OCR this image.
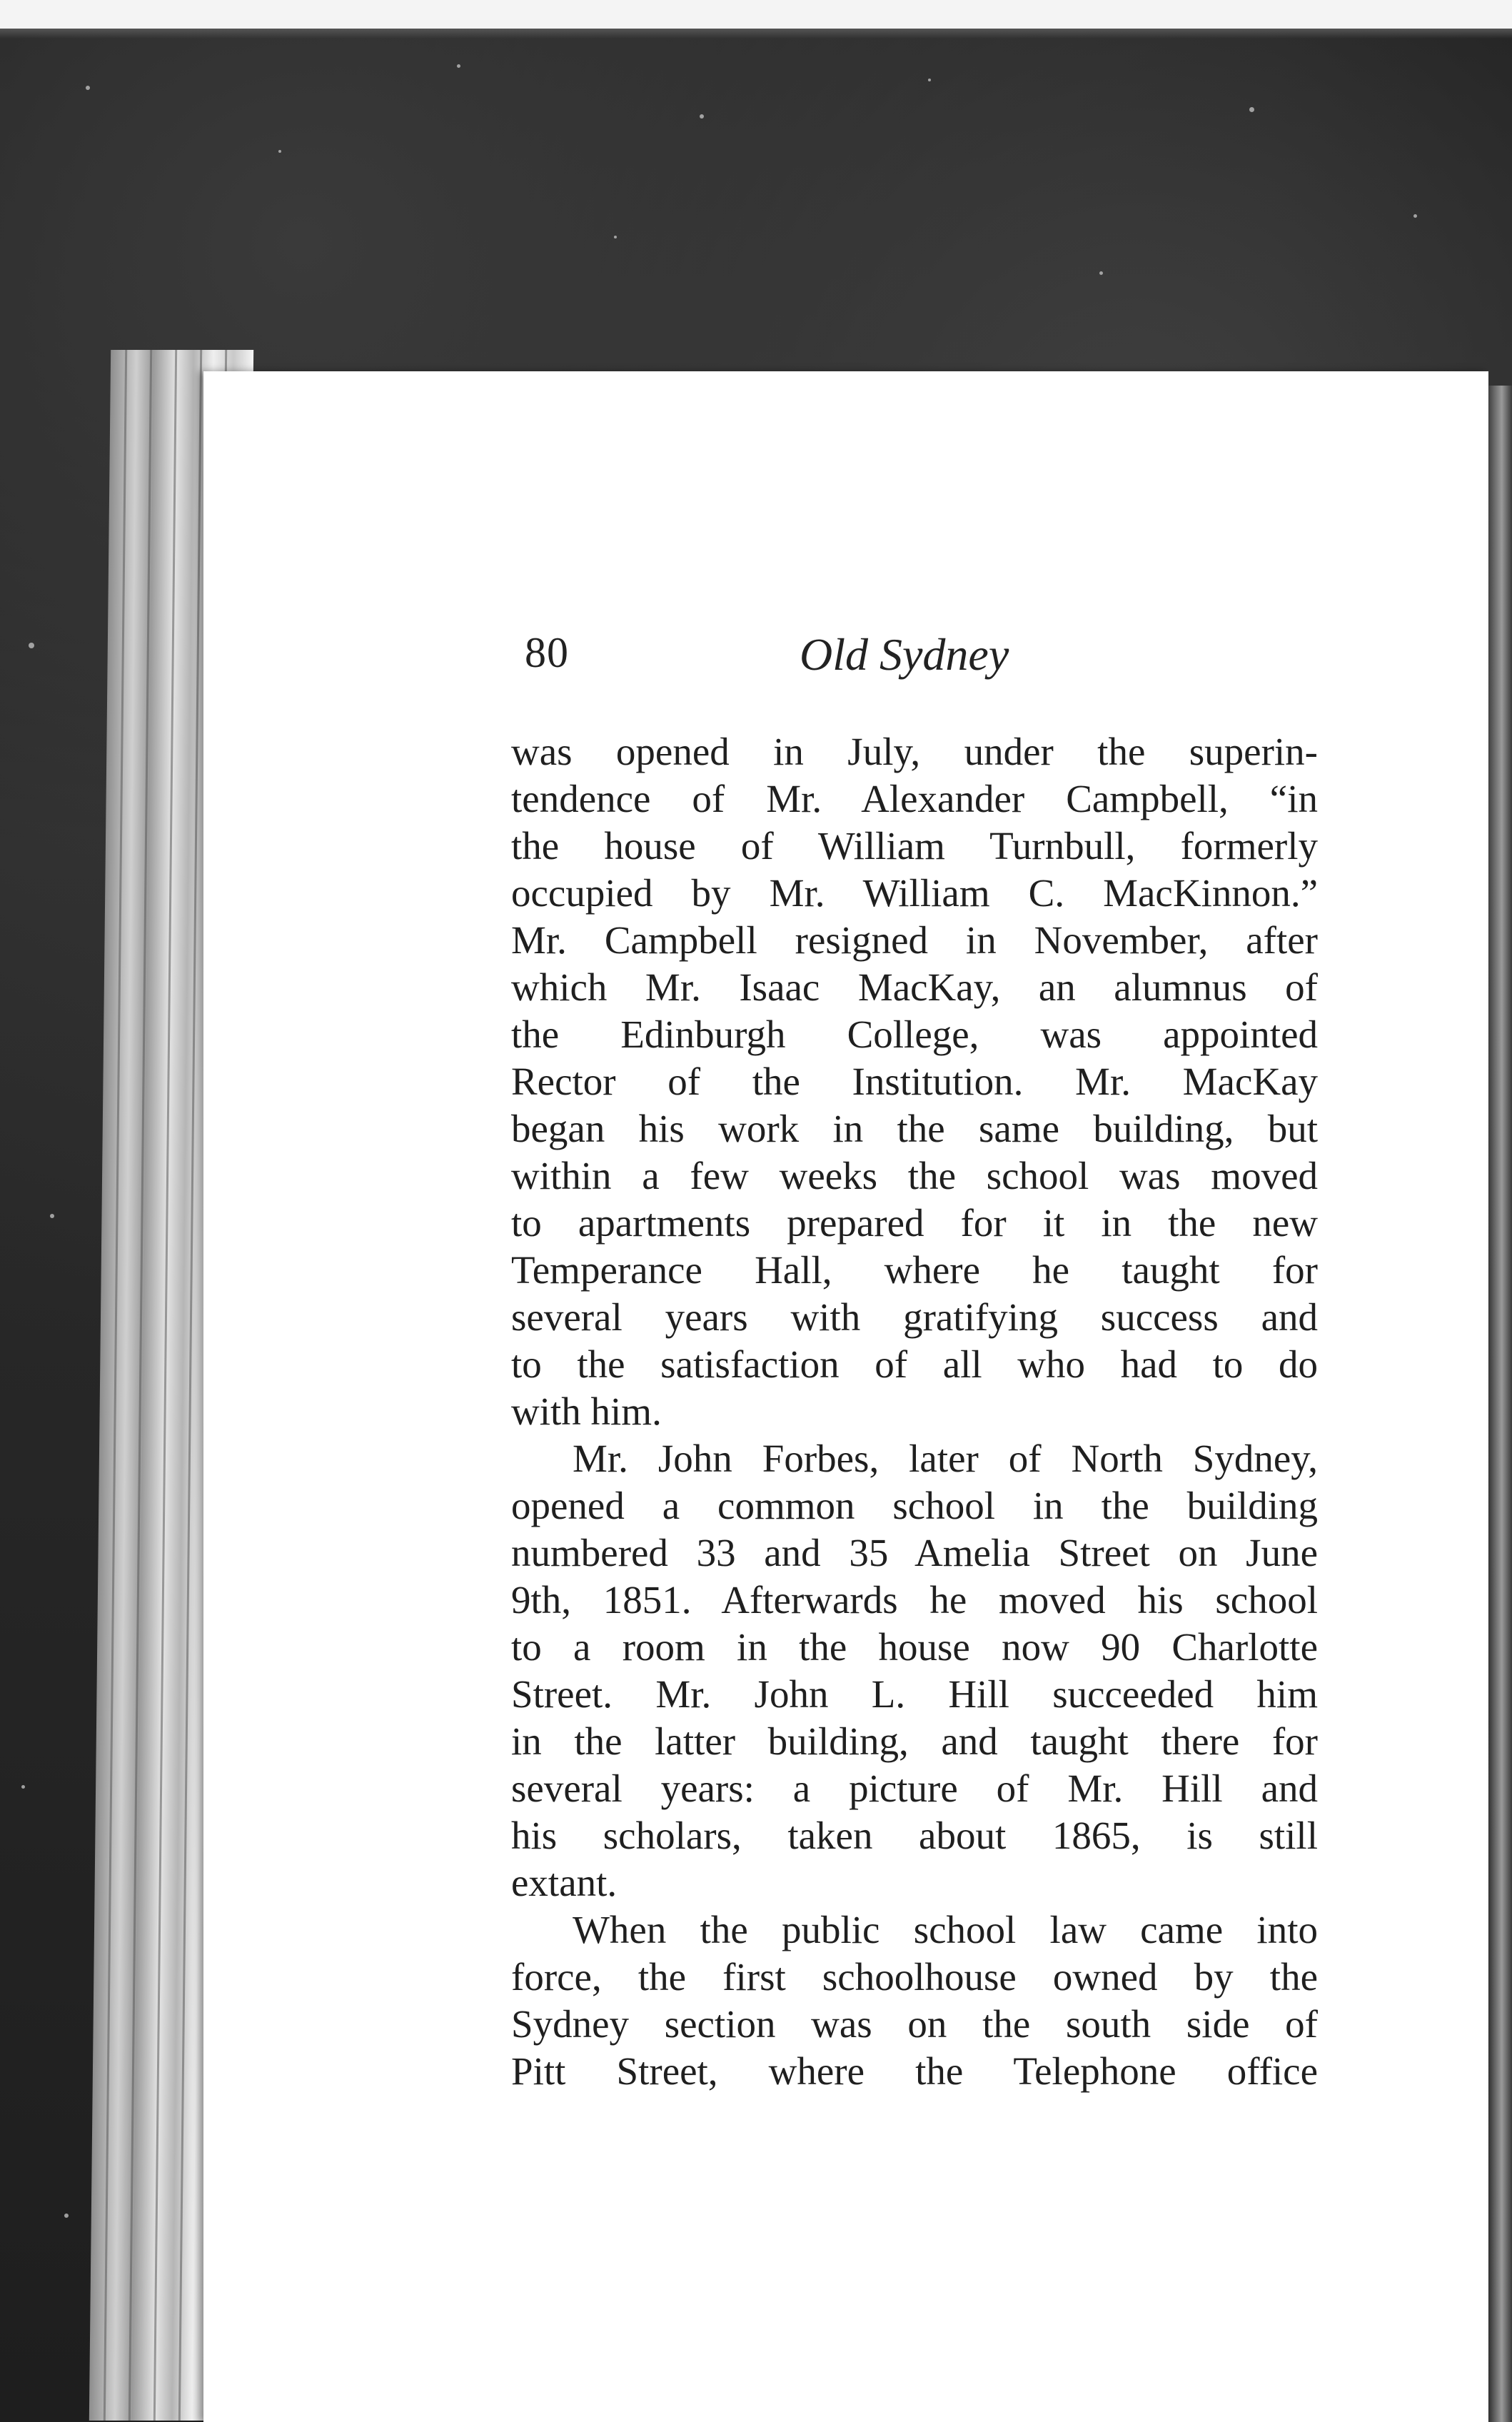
80	Old Sydney
was opened in July, under the superin-
tendence of Mr. Alexander Campbell, “in
the house of William Turnbull, formerly
occupied by Mr. William C. MacKinnon.”
Mr. Campbell resigned in November, after
which Mr. Isaac MacKay, an alumnus of
the Edinburgh College, was appointed
Rector of the Institution. Mr. MacKay
began his work in the same building, but
within a few weeks the school was moved
to apartments prepared for it in the new
Temperance Hall, where he taught for
several years with gratifying success and
to the satisfaction of all who had to do
with him.
Mr. John Forbes, later of North Sydney,
opened a common school in the building
numbered 33 and 35 Amelia Street on June
9th, 1851. Afterwards he moved his school
to a room in the house now 90 Charlotte
Street. Mr. John L. Hill succeeded him
in the latter building, and taught there for
several years: a picture of Mr. Hill and
his scholars, taken about 1865, is still
extant.
When the public school law came into
force, the first schoolhouse owned by the
Sydney section was on the south side of
Pitt Street, where the Telephone office
